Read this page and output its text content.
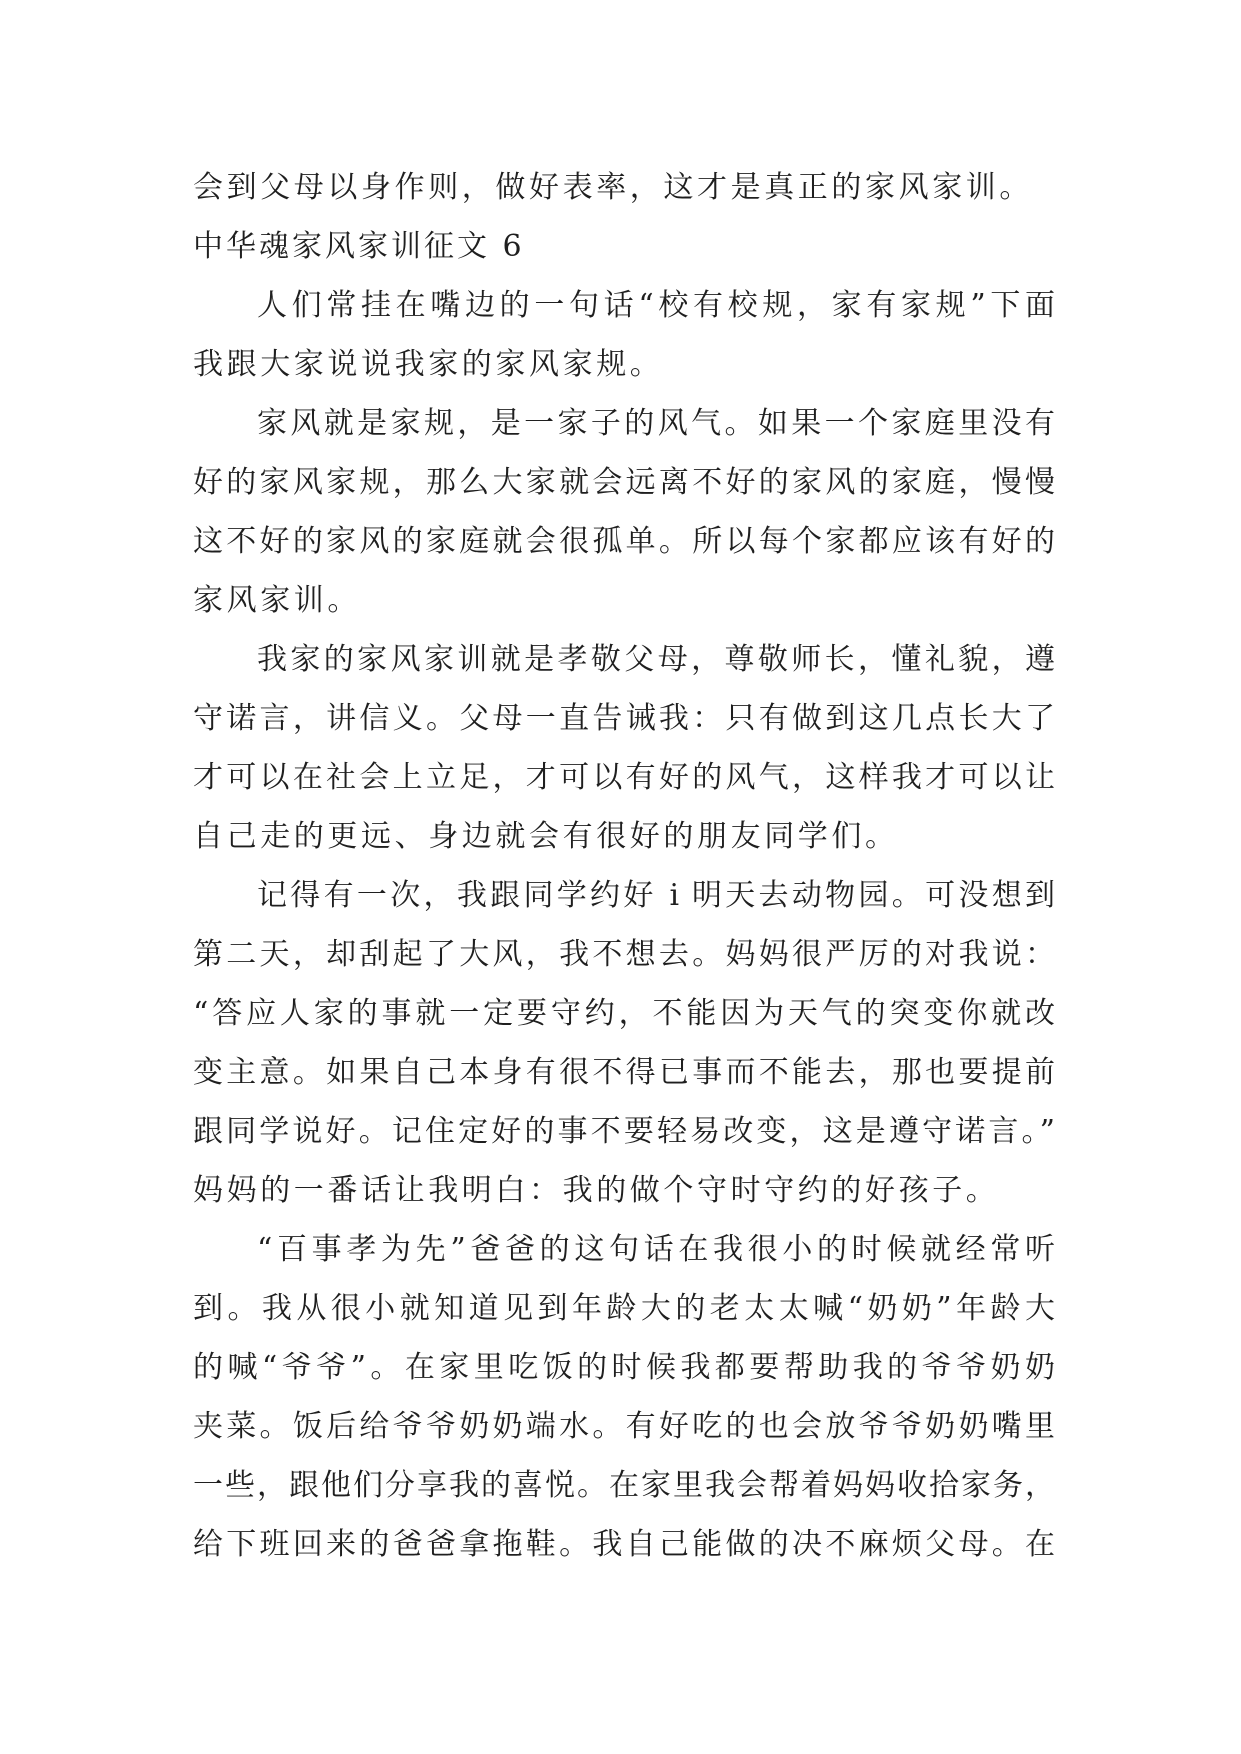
会到父母以身作则，做好表率，这才是真正的家风家训。
中华魂家风家训征文 6
人们常挂在嘴边的一句话“校有校规，家有家规”下面
我跟大家说说我家的家风家规。
家风就是家规，是一家子的风气。如果一个家庭里没有
好的家风家规，那么大家就会远离不好的家风的家庭，慢慢
这不好的家风的家庭就会很孤单。所以每个家都应该有好的
家风家训。
我家的家风家训就是孝敬父母，尊敬师长，懂礼貌，遵
守诺言，讲信义。父母一直告诫我：只有做到这几点长大了
才可以在社会上立足，才可以有好的风气，这样我才可以让
自己走的更远、身边就会有很好的朋友同学们。
记得有一次，我跟同学约好 i 明天去动物园。可没想到
第二天，却刮起了大风，我不想去。妈妈很严厉的对我说：
“答应人家的事就一定要守约，不能因为天气的突变你就改
变主意。如果自己本身有很不得已事而不能去，那也要提前
跟同学说好。记住定好的事不要轻易改变，这是遵守诺言。”
妈妈的一番话让我明白：我的做个守时守约的好孩子。
“百事孝为先”爸爸的这句话在我很小的时候就经常听
到。我从很小就知道见到年龄大的老太太喊“奶奶”年龄大
的喊“爷爷”。在家里吃饭的时候我都要帮助我的爷爷奶奶
夹菜。饭后给爷爷奶奶端水。有好吃的也会放爷爷奶奶嘴里
一些，跟他们分享我的喜悦。在家里我会帮着妈妈收拾家务，
给下班回来的爸爸拿拖鞋。我自己能做的决不麻烦父母。在
